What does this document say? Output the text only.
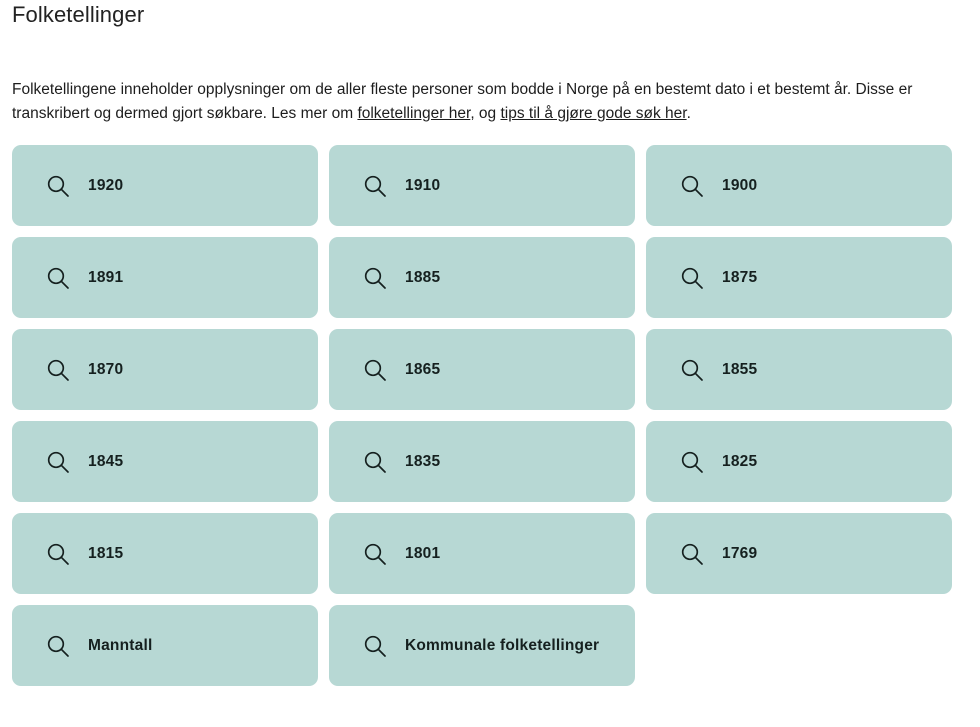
Folketellinger

Folketellingene inneholder opplysninger om de aller fleste personer som bodde i Norge på en bestemt dato i et bestemt år. Disse er transkribert og dermed gjort søkbare. Les mer om folketellinger her, og tips til å gjøre gode søk her.

1920	1910	1900
1891	1885	1875
1870	1865	1855
1845	1835	1825
1815	1801	1769
Manntall	Kommunale folketellinger
